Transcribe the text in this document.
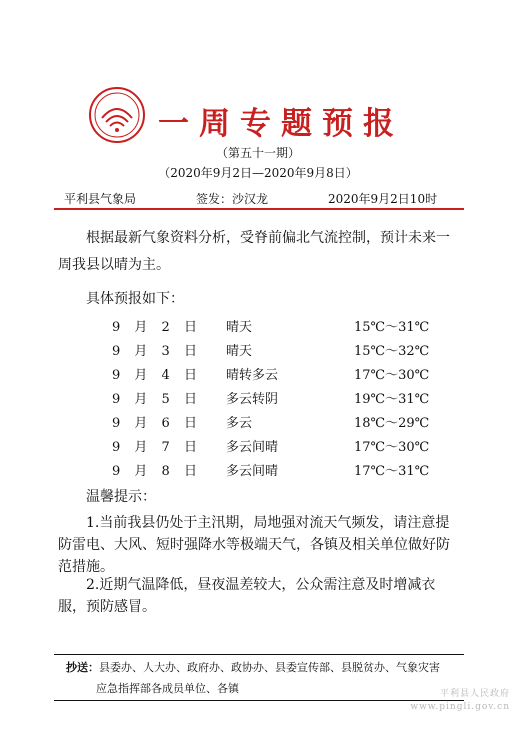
一周专题预报
（第五十一期）
（2020年9月2日—2020年9月8日）
平利县气象局	签发：沙汉龙	2020年9月2日10时
根据最新气象资料分析，受脊前偏北气流控制，预计未来一周我县以晴为主。
具体预报如下：
9 月 2 日 晴天	15℃～31℃
9 月 3 日 晴天	15℃～32℃
9 月 4 日 晴转多云	17℃～30℃
9 月 5 日 多云转阴	19℃～31℃
9 月 6 日 多云	18℃～29℃
9 月 7 日 多云间晴	17℃～30℃
9 月 8 日 多云间晴	17℃～31℃
温馨提示：
1.当前我县仍处于主汛期，局地强对流天气频发，请注意提防雷电、大风、短时强降水等极端天气，各镇及相关单位做好防范措施。
2.近期气温降低，昼夜温差较大，公众需注意及时增减衣服，预防感冒。
抄送：县委办、人大办、政府办、政协办、县委宣传部、县脱贫办、气象灾害
应急指挥部各成员单位、各镇	平利县人民政府 www.pingli.gov.cn
